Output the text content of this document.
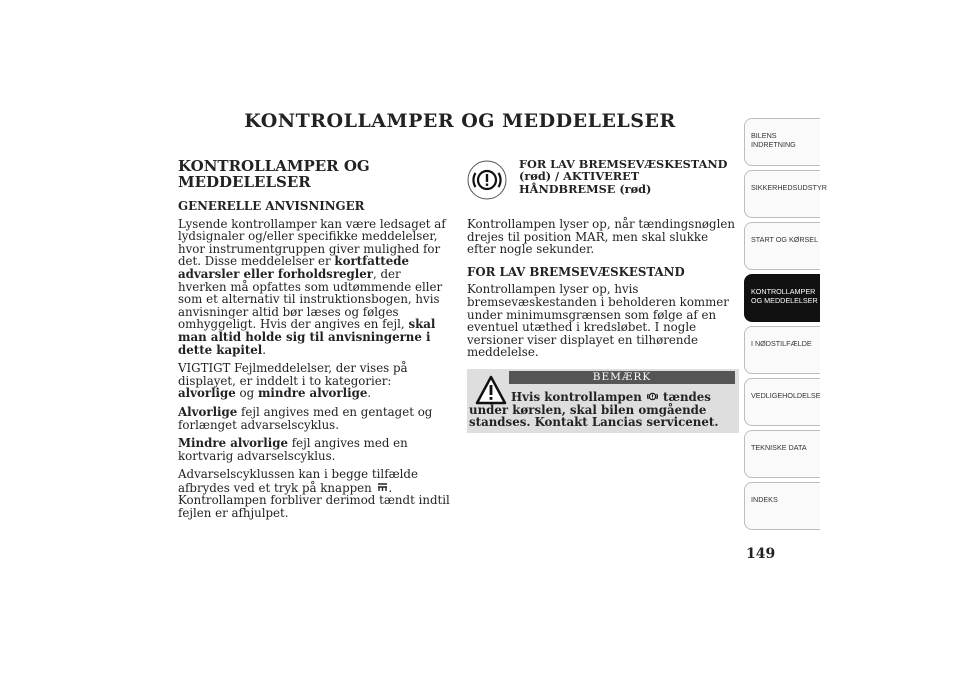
KONTROLLAMPER OG MEDDELELSER
KONTROLLAMPER OG MEDDELELSER
GENERELLE ANVISNINGER

Lysende kontrollamper kan være ledsaget af lydsignaler og/eller specifikke meddelelser, hvor instrumentgruppen giver mulighed for det. Disse meddelelser er kortfattede advarsler eller forholdsregler, der hverken må opfattes som udtømmende eller som et alternativ til instruktionsbogen, hvis anvisninger altid bør læses og følges omhyggeligt. Hvis der angives en fejl, skal man altid holde sig til anvisningerne i dette kapitel.

VIGTIGT Fejlmeddelelser, der vises på displayet, er inddelt i to kategorier: alvorlige og mindre alvorlige.

Alvorlige fejl angives med en gentaget og forlænget advarselscyklus.

Mindre alvorlige fejl angives med en kortvarig advarselscyklus.

Advarselscyklussen kan i begge tilfælde afbrydes ved et tryk på knappen . Kontrollampen forbliver derimod tændt indtil fejlen er afhjulpet.

FOR LAV BREMSEVÆSKESTAND (rød) / AKTIVERET HÅNDBREMSE (rød)

Kontrollampen lyser op, når tændingsnøglen drejes til position MAR, men skal slukke efter nogle sekunder.

FOR LAV BREMSEVÆSKESTAND

Kontrollampen lyser op, hvis bremsevæskestanden i beholderen kommer under minimumsgrænsen som følge af en eventuel utæthed i kredsløbet. I nogle versioner viser displayet en tilhørende meddelelse.

BEMÆRK
Hvis kontrollampen  tændes under kørslen, skal bilen omgående standses. Kontakt Lancias servicenet.
BILENS INDRETNING
SIKKERHEDSUDSTYR
START OG KØRSEL
KONTROLLAMPER OG MEDDELELSER
I NØDSTILFÆLDE
VEDLIGEHOLDELSE
TEKNISKE DATA
INDEKS

149
